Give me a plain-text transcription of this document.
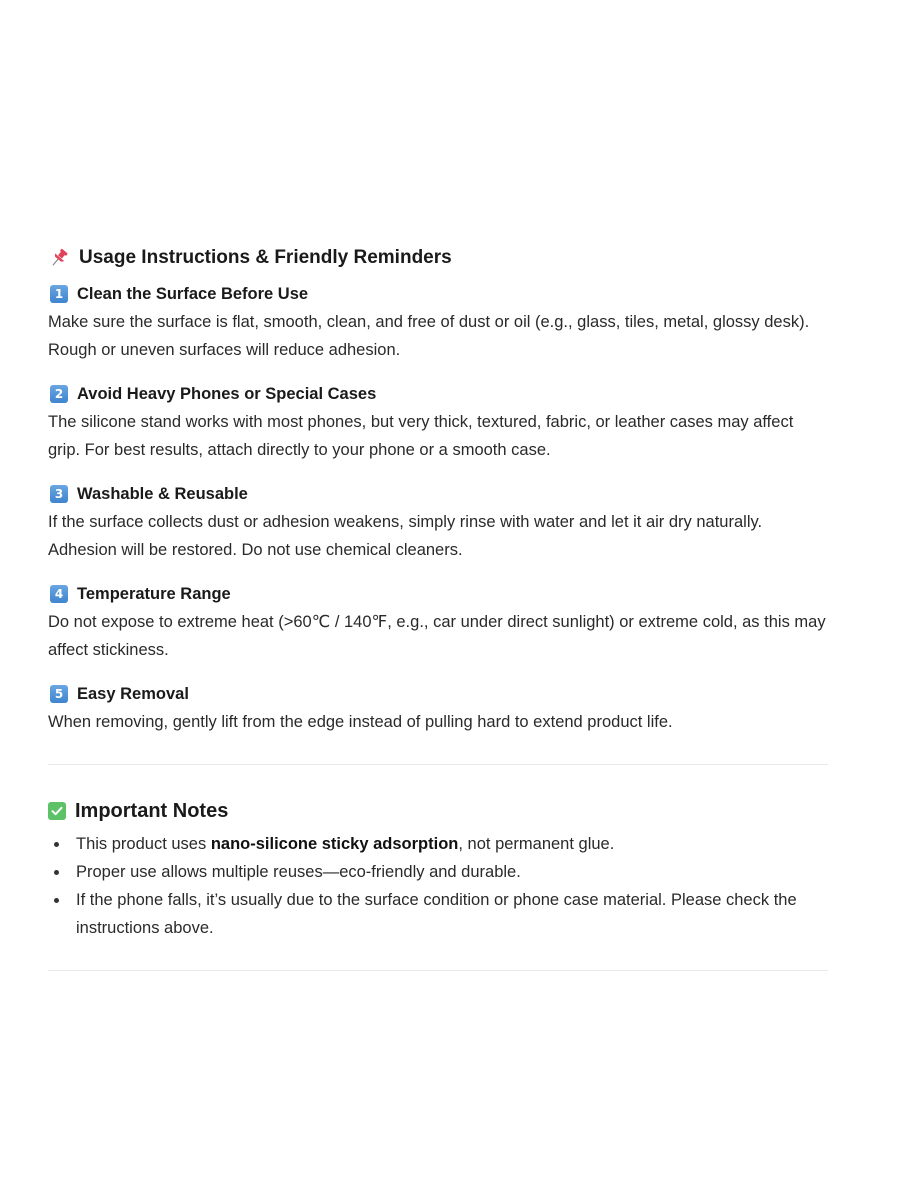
Usage Instructions & Friendly Reminders
1 Clean the Surface Before Use

Make sure the surface is flat, smooth, clean, and free of dust or oil (e.g., glass, tiles, metal, glossy desk). Rough or uneven surfaces will reduce adhesion.

2 Avoid Heavy Phones or Special Cases

The silicone stand works with most phones, but very thick, textured, fabric, or leather cases may affect grip. For best results, attach directly to your phone or a smooth case.

3 Washable & Reusable

If the surface collects dust or adhesion weakens, simply rinse with water and let it air dry naturally. Adhesion will be restored. Do not use chemical cleaners.

4 Temperature Range

Do not expose to extreme heat (>60℃ / 140℉, e.g., car under direct sunlight) or extreme cold, as this may affect stickiness.

5 Easy Removal

When removing, gently lift from the edge instead of pulling hard to extend product life.

Important Notes
This product uses nano-silicone sticky adsorption, not permanent glue.
Proper use allows multiple reuses—eco-friendly and durable.
If the phone falls, it’s usually due to the surface condition or phone case material. Please check the instructions above.
